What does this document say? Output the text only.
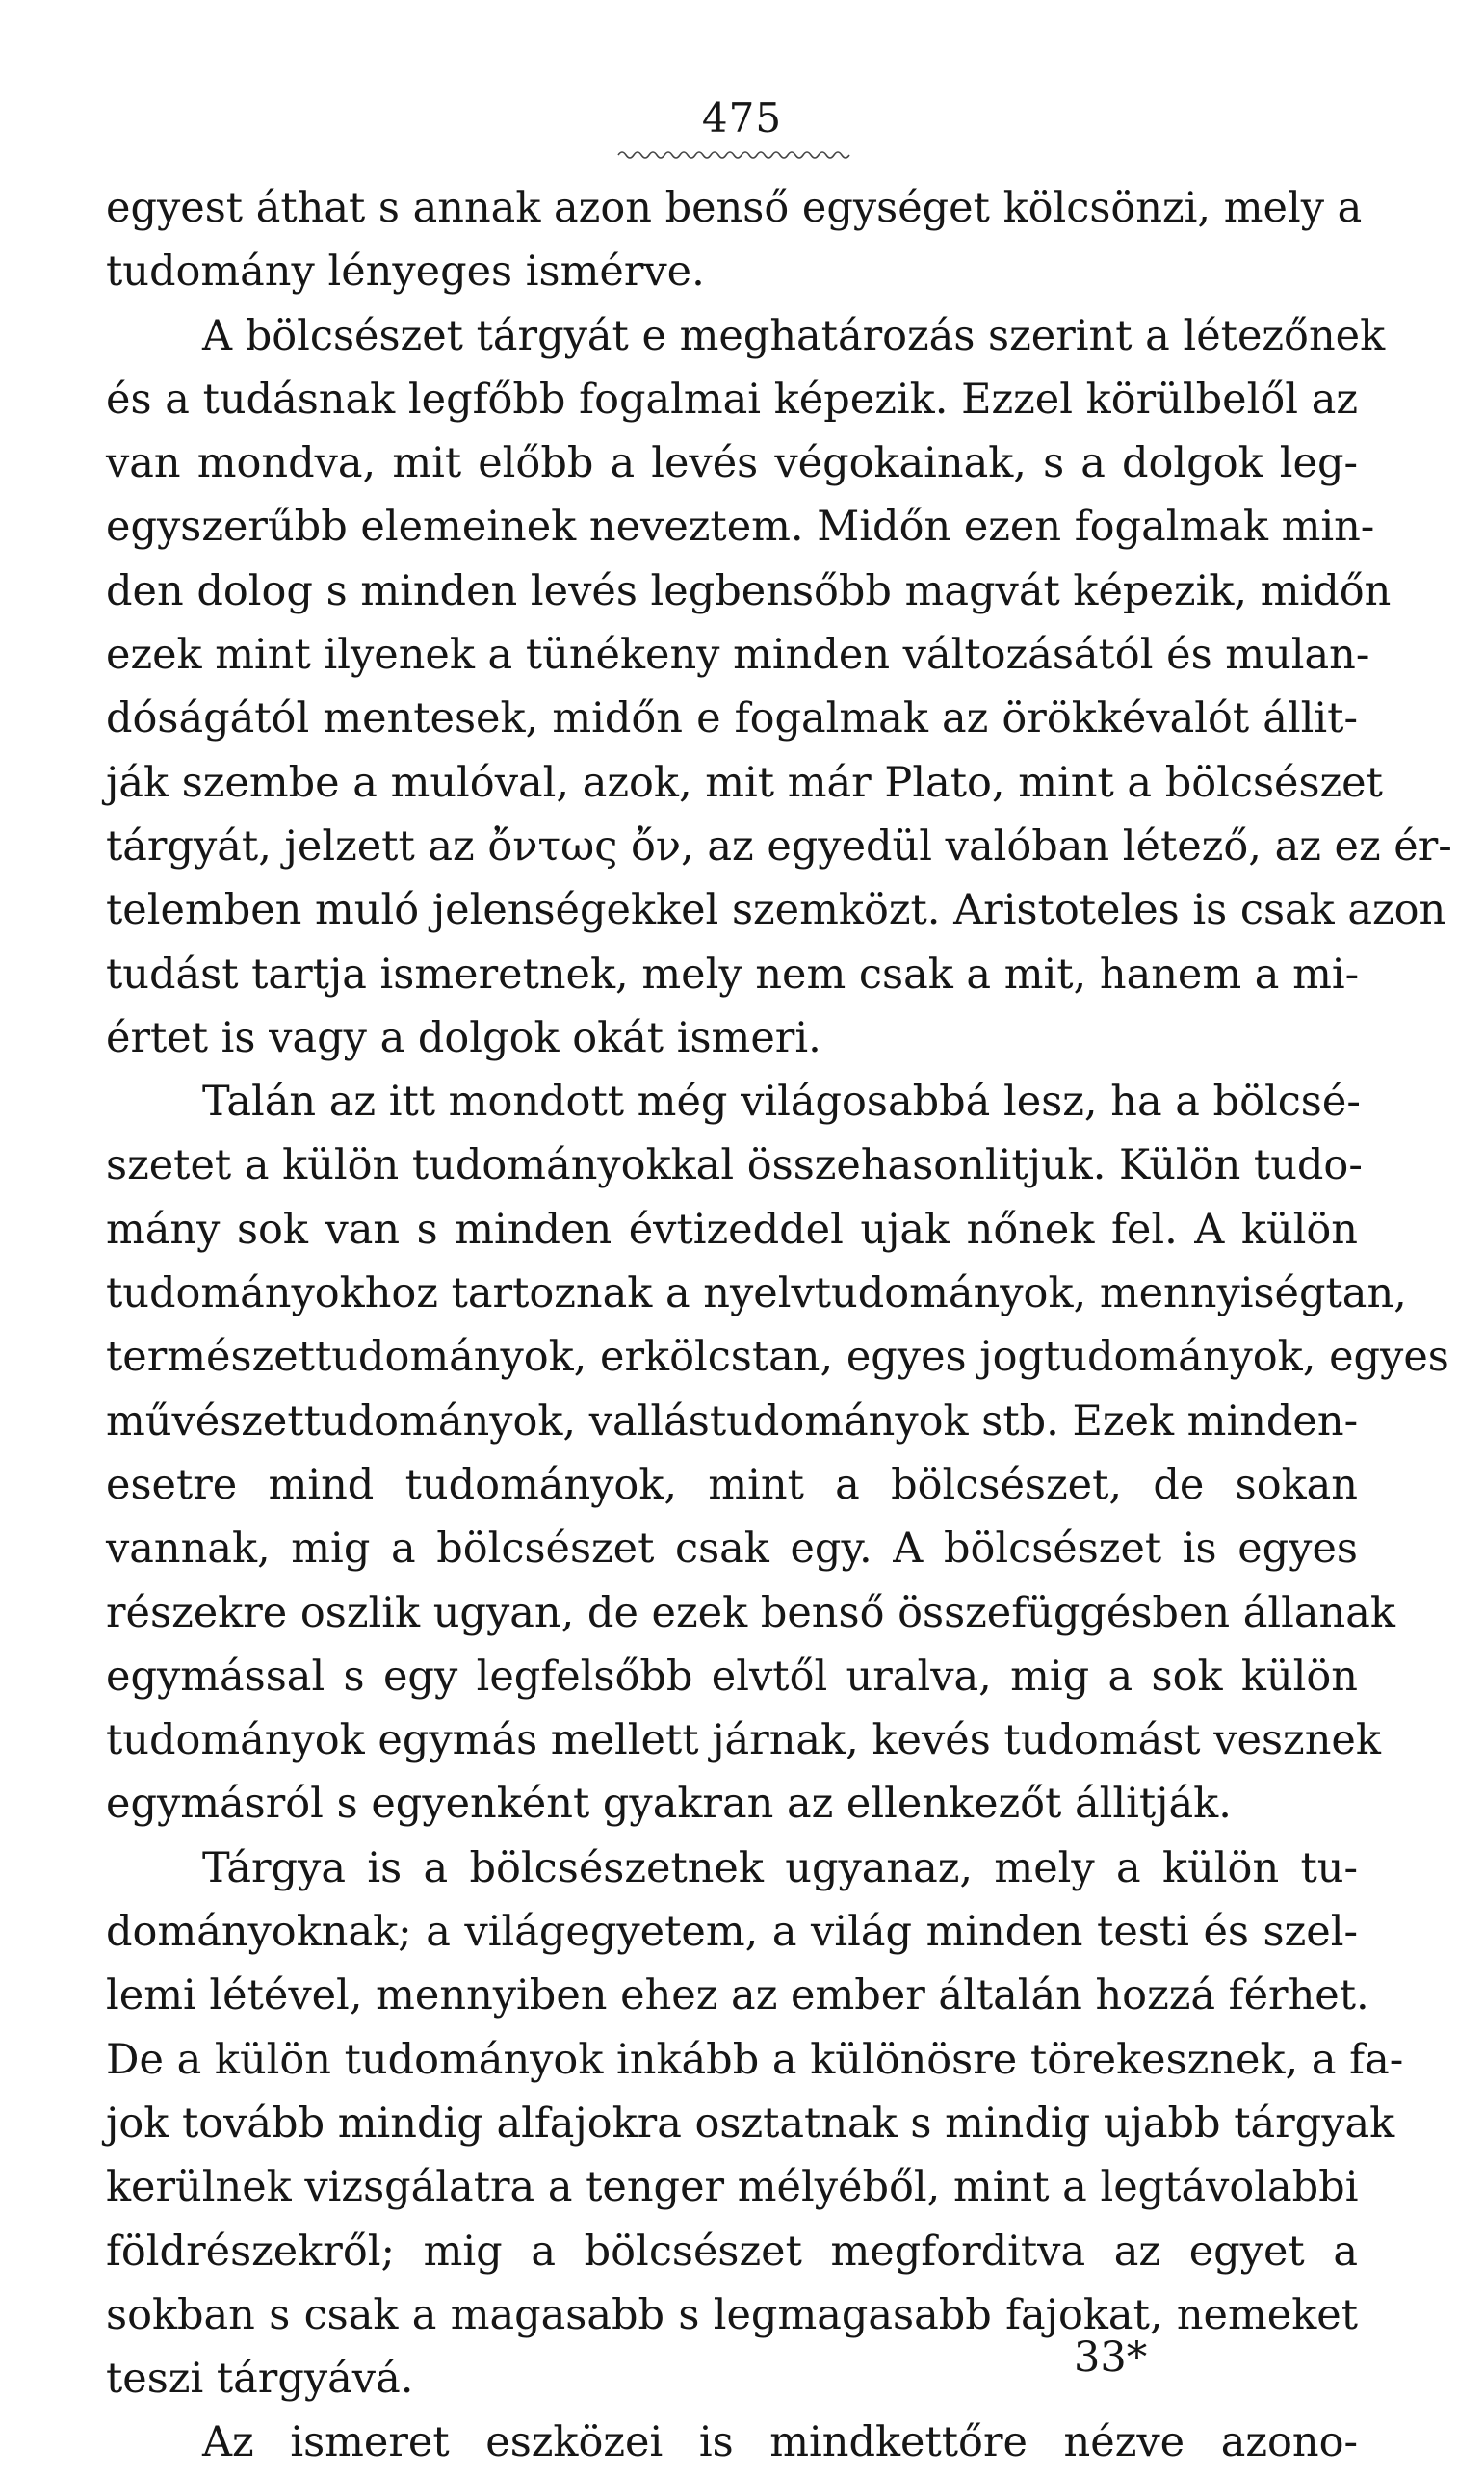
475
egyest áthat s annak azon benső egységet kölcsönzi, mely a
tudomány lényeges ismérve.
A bölcsészet tárgyát e meghatározás szerint a létezőnek
és a tudásnak legfőbb fogalmai képezik. Ezzel körülbelől az
van mondva, mit előbb a levés végokainak, s a dolgok leg-
egyszerűbb elemeinek neveztem. Midőn ezen fogalmak min-
den dolog s minden levés legbensőbb magvát képezik, midőn
ezek mint ilyenek a tünékeny minden változásától és mulan-
dóságától mentesek, midőn e fogalmak az örökkévalót állit-
ják szembe a mulóval, azok, mit már Plato, mint a bölcsészet
tárgyát, jelzett az ὄντως ὄν, az egyedül valóban létező, az ez ér-
telemben muló jelenségekkel szemközt. Aristoteles is csak azon
tudást tartja ismeretnek, mely nem csak a mit, hanem a mi-
értet is vagy a dolgok okát ismeri.
Talán az itt mondott még világosabbá lesz, ha a bölcsé-
szetet a külön tudományokkal összehasonlitjuk. Külön tudo-
mány sok van s minden évtizeddel ujak nőnek fel. A külön
tudományokhoz tartoznak a nyelvtudományok, mennyiségtan,
természettudományok, erkölcstan, egyes jogtudományok, egyes
művészettudományok, vallástudományok stb. Ezek minden-
esetre mind tudományok, mint a bölcsészet, de sokan
vannak, mig a bölcsészet csak egy. A bölcsészet is egyes
részekre oszlik ugyan, de ezek benső összefüggésben állanak
egymással s egy legfelsőbb elvtől uralva, mig a sok külön
tudományok egymás mellett járnak, kevés tudomást vesznek
egymásról s egyenként gyakran az ellenkezőt állitják.
Tárgya is a bölcsészetnek ugyanaz, mely a külön tu-
dományoknak; a világegyetem, a világ minden testi és szel-
lemi létével, mennyiben ehez az ember általán hozzá férhet.
De a külön tudományok inkább a különösre törekesznek, a fa-
jok tovább mindig alfajokra osztatnak s mindig ujabb tárgyak
kerülnek vizsgálatra a tenger mélyéből, mint a legtávolabbi
földrészekről; mig a bölcsészet megforditva az egyet a
sokban s csak a magasabb s legmagasabb fajokat, nemeket
teszi tárgyává.
Az ismeret eszközei is mindkettőre nézve azono-
33*
